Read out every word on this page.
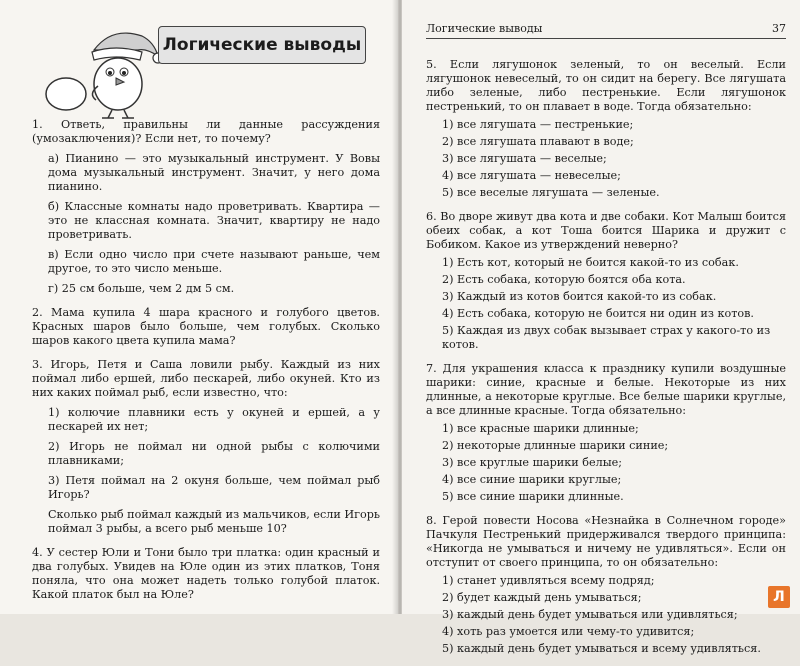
Логические выводы
1. Ответь, правильны ли данные рассуждения (умозаключения)? Если нет, то почему?
а) Пианино — это музыкальный инструмент. У Вовы дома музыкальный инструмент. Значит, у него дома пианино.
б) Классные комнаты надо проветривать. Квартира — это не классная комната. Значит, квартиру не надо проветривать.
в) Если одно число при счете называют раньше, чем другое, то это число меньше.
г) 25 см больше, чем 2 дм 5 см.
2. Мама купила 4 шара красного и голубого цветов. Красных шаров было больше, чем голубых. Сколько шаров какого цвета купила мама?
3. Игорь, Петя и Саша ловили рыбу. Каждый из них поймал либо ершей, либо пескарей, либо окуней. Кто из них каких поймал рыб, если известно, что:
1) колючие плавники есть у окуней и ершей, а у пескарей их нет;
2) Игорь не поймал ни одной рыбы с колючими плавниками;
3) Петя поймал на 2 окуня больше, чем поймал рыб Игорь?
Сколько рыб поймал каждый из мальчиков, если Игорь поймал 3 рыбы, а всего рыб меньше 10?
4. У сестер Юли и Тони было три платка: один красный и два голубых. Увидев на Юле один из этих платков, Тоня поняла, что она может надеть только голубой платок. Какой платок был на Юле?
Логические выводы	37
5. Если лягушонок зеленый, то он веселый. Если лягушонок невеселый, то он сидит на берегу. Все лягушата либо зеленые, либо пестренькие. Если лягушонок пестренький, то он плавает в воде. Тогда обязательно:
1) все лягушата — пестренькие;
2) все лягушата плавают в воде;
3) все лягушата — веселые;
4) все лягушата — невеселые;
5) все веселые лягушата — зеленые.
6. Во дворе живут два кота и две собаки. Кот Малыш боится обеих собак, а кот Тоша боится Шарика и дружит с Бобиком. Какое из утверждений неверно?
1) Есть кот, который не боится какой-то из собак.
2) Есть собака, которую боятся оба кота.
3) Каждый из котов боится какой-то из собак.
4) Есть собака, которую не боится ни один из котов.
5) Каждая из двух собак вызывает страх у какого-то из котов.
7. Для украшения класса к празднику купили воздушные шарики: синие, красные и белые. Некоторые из них длинные, а некоторые круглые. Все белые шарики круглые, а все длинные красные. Тогда обязательно:
1) все красные шарики длинные;
2) некоторые длинные шарики синие;
3) все круглые шарики белые;
4) все синие шарики круглые;
5) все синие шарики длинные.
8. Герой повести Носова «Незнайка в Солнечном городе» Пачкуля Пестренький придерживался твердого принципа: «Никогда не умываться и ничему не удивляться». Если он отступит от своего принципа, то он обязательно:
1) станет удивляться всему подряд;
2) будет каждый день умываться;
3) каждый день будет умываться или удивляться;
4) хоть раз умоется или чему-то удивится;
5) каждый день будет умываться и всему удивляться.
Л
